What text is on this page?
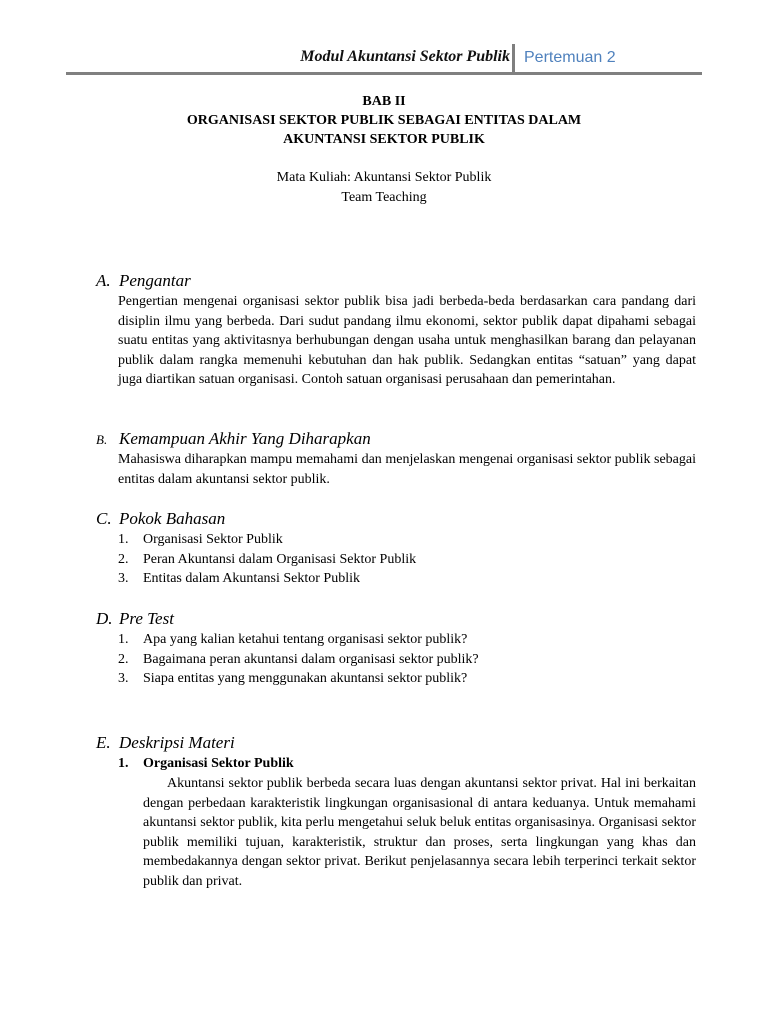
Modul Akuntansi Sektor Publik Pertemuan 2
BAB II
ORGANISASI SEKTOR PUBLIK SEBAGAI ENTITAS DALAM
AKUNTANSI SEKTOR PUBLIK
Mata Kuliah: Akuntansi Sektor Publik
Team Teaching
A. Pengantar
Pengertian mengenai organisasi sektor publik bisa jadi berbeda-beda berdasarkan cara pandang dari disiplin ilmu yang berbeda. Dari sudut pandang ilmu ekonomi, sektor publik dapat dipahami sebagai suatu entitas yang aktivitasnya berhubungan dengan usaha untuk menghasilkan barang dan pelayanan publik dalam rangka memenuhi kebutuhan dan hak publik. Sedangkan entitas “satuan” yang dapat juga diartikan satuan organisasi. Contoh satuan organisasi perusahaan dan pemerintahan.
B. Kemampuan Akhir Yang Diharapkan
Mahasiswa diharapkan mampu memahami dan menjelaskan mengenai organisasi sektor publik sebagai entitas dalam akuntansi sektor publik.
C. Pokok Bahasan
1. Organisasi Sektor Publik
2. Peran Akuntansi dalam Organisasi Sektor Publik
3. Entitas dalam Akuntansi Sektor Publik
D. Pre Test
1. Apa yang kalian ketahui tentang organisasi sektor publik?
2. Bagaimana peran akuntansi dalam organisasi sektor publik?
3. Siapa entitas yang menggunakan akuntansi sektor publik?
E. Deskripsi Materi
1. Organisasi Sektor Publik
Akuntansi sektor publik berbeda secara luas dengan akuntansi sektor privat. Hal ini berkaitan dengan perbedaan karakteristik lingkungan organisasional di antara keduanya. Untuk memahami akuntansi sektor publik, kita perlu mengetahui seluk beluk entitas organisasinya. Organisasi sektor publik memiliki tujuan, karakteristik, struktur dan proses, serta lingkungan yang khas dan membedakannya dengan sektor privat. Berikut penjelasannya secara lebih terperinci terkait sektor publik dan privat.
